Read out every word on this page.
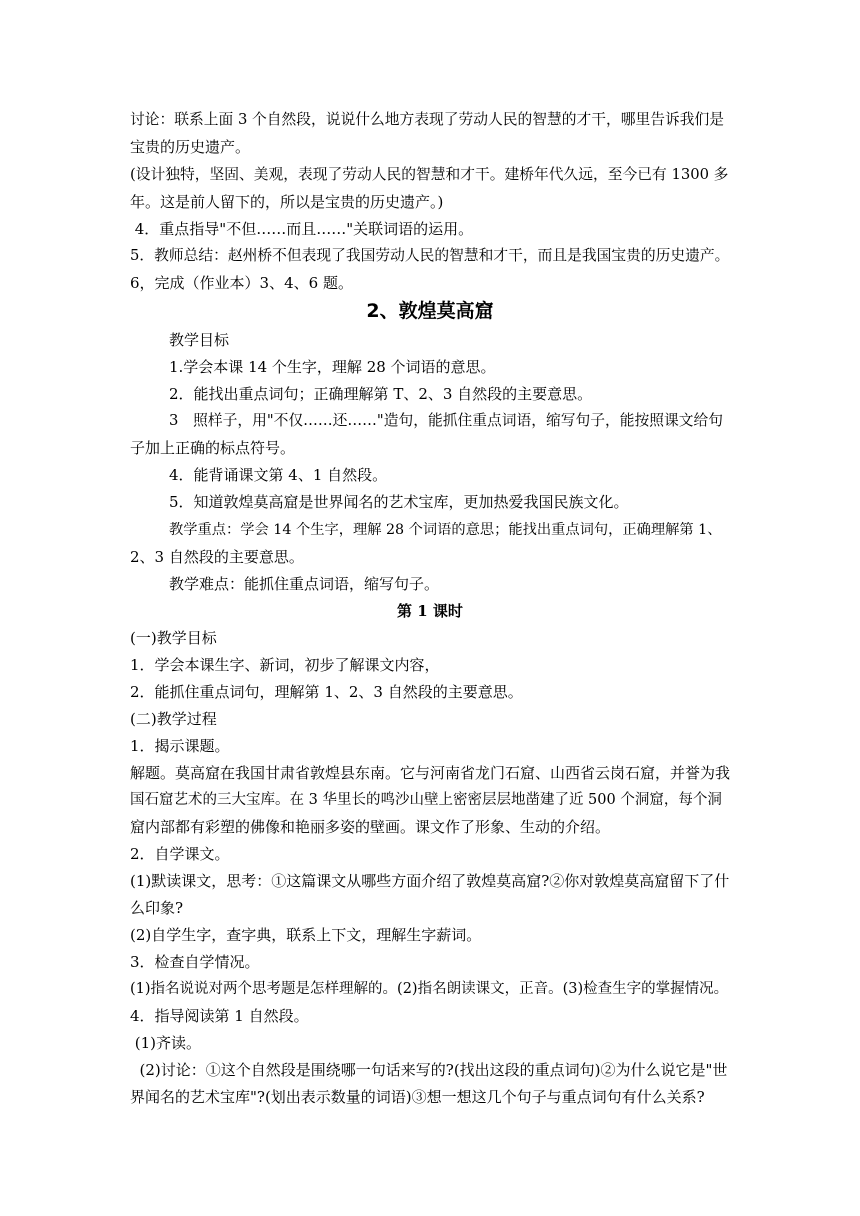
讨论：联系上面 3 个自然段，说说什么地方表现了劳动人民的智慧的才干，哪里告诉我们是
宝贵的历史遗产。
(设计独特，坚固、美观，表现了劳动人民的智慧和才干。建桥年代久远，至今已有 1300 多
年。这是前人留下的，所以是宝贵的历史遗产。)
4．重点指导"不但……而且……"关联词语的运用。
5．教师总结：赵州桥不但表现了我国劳动人民的智慧和才干，而且是我国宝贵的历史遗产。
6，完成（作业本）3、4、6 题。
2、敦煌莫高窟
教学目标
1.学会本课 14 个生字，理解 28 个词语的意思。
2．能找出重点词句；正确理解第 T、2、3 自然段的主要意思。
3　照样子，用"不仅……还……"造句，能抓住重点词语，缩写句子，能按照课文给句
子加上正确的标点符号。
4．能背诵课文第 4、1 自然段。
5．知道敦煌莫高窟是世界闻名的艺术宝库，更加热爱我国民族文化。
教学重点：学会 14 个生字，理解 28 个词语的意思；能找出重点词句，正确理解第 1、
2、3 自然段的主要意思。
教学难点：能抓住重点词语，缩写句子。
第 1 课时
(一)教学目标
1．学会本课生字、新词，初步了解课文内容，
2．能抓住重点词句，理解第 1、2、3 自然段的主要意思。
(二)教学过程
1．揭示课题。
解题。莫高窟在我国甘肃省敦煌县东南。它与河南省龙门石窟、山西省云岗石窟，并誉为我
国石窟艺术的三大宝库。在 3 华里长的鸣沙山壁上密密层层地凿建了近 500 个洞窟，每个洞
窟内部都有彩塑的佛像和艳丽多姿的壁画。课文作了形象、生动的介绍。
2．自学课文。
(1)默读课文，思考：①这篇课文从哪些方面介绍了敦煌莫高窟?②你对敦煌莫高窟留下了什
么印象?
(2)自学生字，查字典，联系上下文，理解生字薪词。
3．检查自学情况。
(1)指名说说对两个思考题是怎样理解的。(2)指名朗读课文，正音。(3)检查生字的掌握情况。
4．指导阅读第 1 自然段。
(1)齐读。
(2)讨论：①这个自然段是围绕哪一句话来写的?(找出这段的重点词句)②为什么说它是"世
界闻名的艺术宝库"?(划出表示数量的词语)③想一想这几个句子与重点词句有什么关系?
